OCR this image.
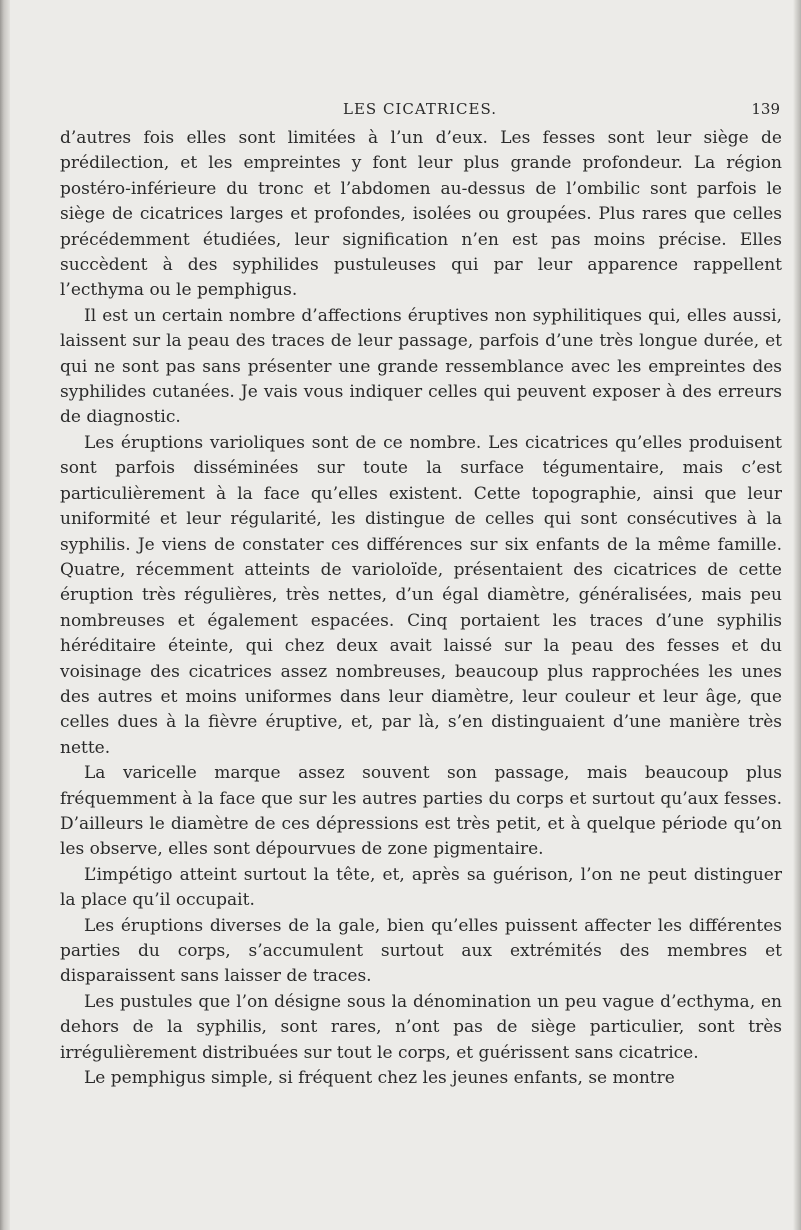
LES CICATRICES.	139

d’autres fois elles sont limitées à l’un d’eux. Les fesses sont leur siège de prédilection, et les empreintes y font leur plus grande profondeur. La région postéro-inférieure du tronc et l’abdomen au-dessus de l’ombilic sont parfois le siège de cicatrices larges et profondes, isolées ou groupées. Plus rares que celles précédemment étudiées, leur signification n’en est pas moins précise. Elles succèdent à des syphilides pustuleuses qui par leur apparence rappellent l’ecthyma ou le pemphigus.

Il est un certain nombre d’affections éruptives non syphilitiques qui, elles aussi, laissent sur la peau des traces de leur passage, parfois d’une très longue durée, et qui ne sont pas sans présenter une grande ressemblance avec les empreintes des syphilides cutanées. Je vais vous indiquer celles qui peuvent exposer à des erreurs de diagnostic.

Les éruptions varioliques sont de ce nombre. Les cicatrices qu’elles produisent sont parfois disséminées sur toute la surface tégumentaire, mais c’est particulièrement à la face qu’elles existent. Cette topographie, ainsi que leur uniformité et leur régularité, les distingue de celles qui sont consécutives à la syphilis. Je viens de constater ces différences sur six enfants de la même famille. Quatre, récemment atteints de varioloïde, présentaient des cicatrices de cette éruption très régulières, très nettes, d’un égal diamètre, généralisées, mais peu nombreuses et également espacées. Cinq portaient les traces d’une syphilis héréditaire éteinte, qui chez deux avait laissé sur la peau des fesses et du voisinage des cicatrices assez nombreuses, beaucoup plus rapprochées les unes des autres et moins uniformes dans leur diamètre, leur couleur et leur âge, que celles dues à la fièvre éruptive, et, par là, s’en distinguaient d’une manière très nette.

La varicelle marque assez souvent son passage, mais beaucoup plus fréquemment à la face que sur les autres parties du corps et surtout qu’aux fesses. D’ailleurs le diamètre de ces dépressions est très petit, et à quelque période qu’on les observe, elles sont dépourvues de zone pigmentaire.

L’impétigo atteint surtout la tête, et, après sa guérison, l’on ne peut distinguer la place qu’il occupait.

Les éruptions diverses de la gale, bien qu’elles puissent affecter les différentes parties du corps, s’accumulent surtout aux extrémités des membres et disparaissent sans laisser de traces.

Les pustules que l’on désigne sous la dénomination un peu vague d’ecthyma, en dehors de la syphilis, sont rares, n’ont pas de siège particulier, sont très irrégulièrement distribuées sur tout le corps, et guérissent sans cicatrice.

Le pemphigus simple, si fréquent chez les jeunes enfants, se montre
